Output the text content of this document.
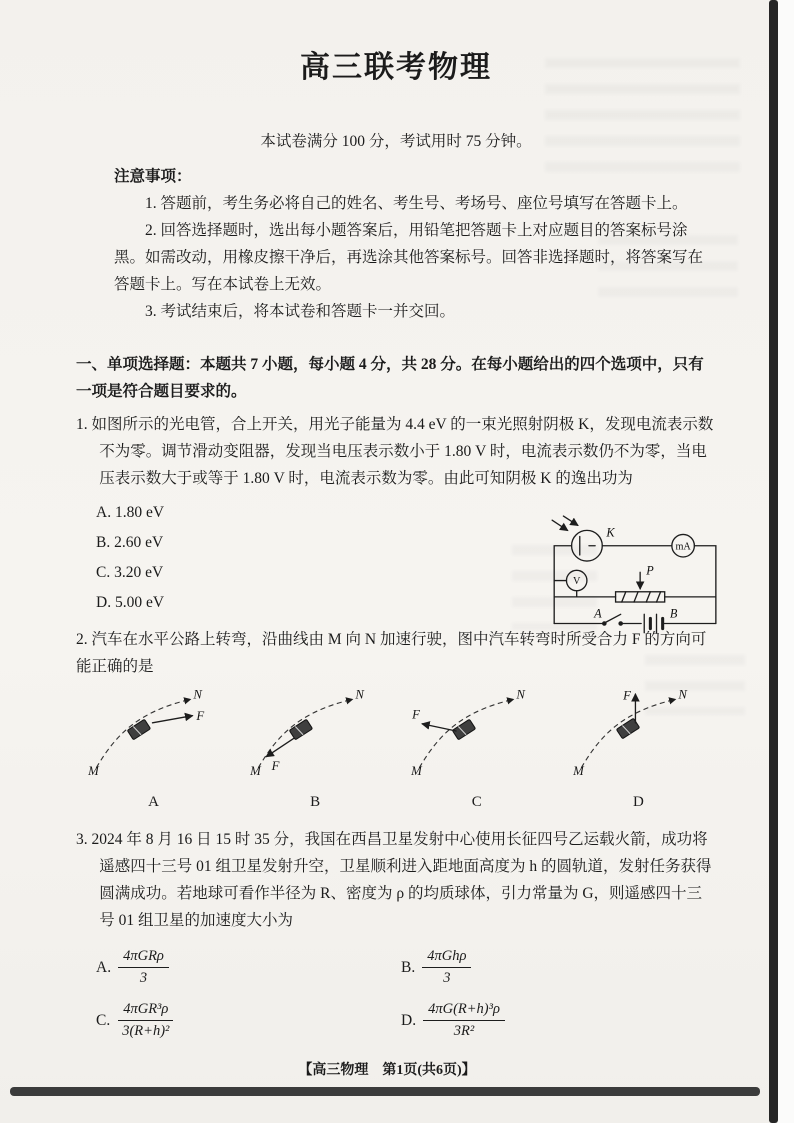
高三联考物理

本试卷满分 100 分，考试用时 75 分钟。

注意事项：

1. 答题前，考生务必将自己的姓名、考生号、考场号、座位号填写在答题卡上。

2. 回答选择题时，选出每小题答案后，用铅笔把答题卡上对应题目的答案标号涂黑。如需改动，用橡皮擦干净后，再选涂其他答案标号。回答非选择题时，将答案写在答题卡上。写在本试卷上无效。

3. 考试结束后，将本试卷和答题卡一并交回。

一、单项选择题：本题共 7 小题，每小题 4 分，共 28 分。在每小题给出的四个选项中，只有一项是符合题目要求的。

1. 如图所示的光电管，合上开关，用光子能量为 4.4 eV 的一束光照射阴极 K，发现电流表示数不为零。调节滑动变阻器，发现当电压表示数小于 1.80 V 时，电流表示数仍不为零，当电压表示数大于或等于 1.80 V 时，电流表示数为零。由此可知阴极 K 的逸出功为

A. 1.80 eV

B. 2.60 eV

C. 3.20 eV

D. 5.00 eV

K
mA
V
P
A	B

2. 汽车在水平公路上转弯，沿曲线由 M 向 N 加速行驶，图中汽车转弯时所受合力 F 的方向可能正确的是

N
M
F
A
N
M F
B
N
M
F
C
N
M
F
D

3. 2024 年 8 月 16 日 15 时 35 分，我国在西昌卫星发射中心使用长征四号乙运载火箭，成功将遥感四十三号 01 组卫星发射升空，卫星顺利进入距地面高度为 h 的圆轨道，发射任务获得圆满成功。若地球可看作半径为 R、密度为 ρ 的均质球体，引力常量为 G，则遥感四十三号 01 组卫星的加速度大小为

A. $\frac{\text{4πGRρ}}{3}$	B. $\frac{\text{4πGhρ}}{3}$
C. $\frac{\text{4πGR³ρ}}{\text{3(R+h)²}}$	D. $\frac{\text{4πG(R+h)³ρ}}{\text{3R²}}$

【高三物理　第1页(共6页)】
